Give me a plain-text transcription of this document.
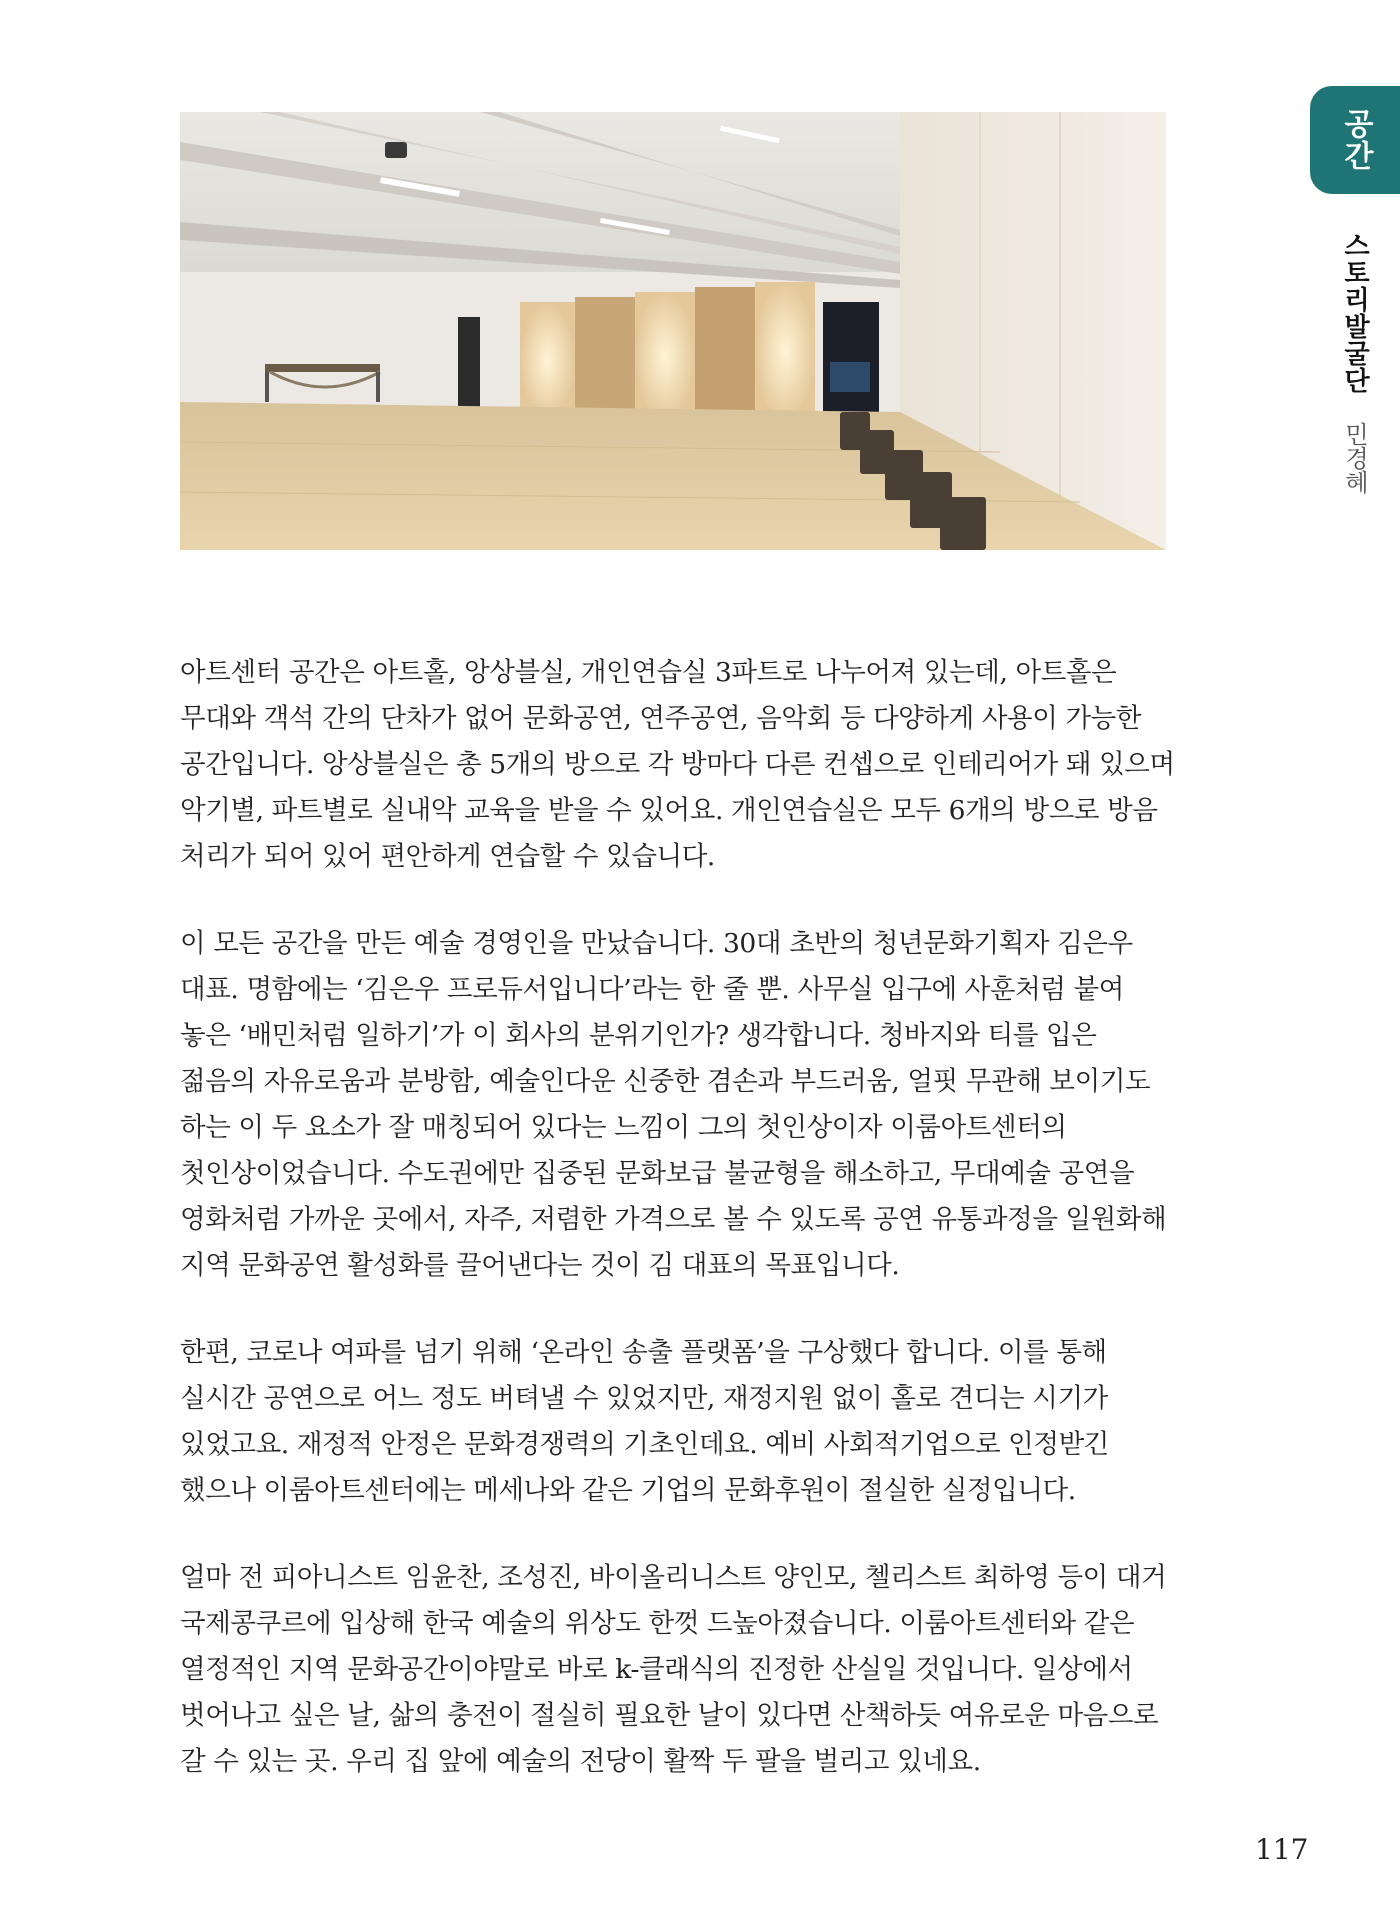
공간
스토리발굴단
민경혜

아트센터 공간은 아트홀, 앙상블실, 개인연습실 3파트로 나누어져 있는데, 아트홀은
무대와 객석 간의 단차가 없어 문화공연, 연주공연, 음악회 등 다양하게 사용이 가능한
공간입니다. 앙상블실은 총 5개의 방으로 각 방마다 다른 컨셉으로 인테리어가 돼 있으며
악기별, 파트별로 실내악 교육을 받을 수 있어요. 개인연습실은 모두 6개의 방으로 방음
처리가 되어 있어 편안하게 연습할 수 있습니다.

이 모든 공간을 만든 예술 경영인을 만났습니다. 30대 초반의 청년문화기획자 김은우
대표. 명함에는 ‘김은우 프로듀서입니다’라는 한 줄 뿐. 사무실 입구에 사훈처럼 붙여
놓은 ‘배민처럼 일하기’가 이 회사의 분위기인가? 생각합니다. 청바지와 티를 입은
젊음의 자유로움과 분방함, 예술인다운 신중한 겸손과 부드러움, 얼핏 무관해 보이기도
하는 이 두 요소가 잘 매칭되어 있다는 느낌이 그의 첫인상이자 이룸아트센터의
첫인상이었습니다. 수도권에만 집중된 문화보급 불균형을 해소하고, 무대예술 공연을
영화처럼 가까운 곳에서, 자주, 저렴한 가격으로 볼 수 있도록 공연 유통과정을 일원화해
지역 문화공연 활성화를 끌어낸다는 것이 김 대표의 목표입니다.

한편, 코로나 여파를 넘기 위해 ‘온라인 송출 플랫폼’을 구상했다 합니다. 이를 통해
실시간 공연으로 어느 정도 버텨낼 수 있었지만, 재정지원 없이 홀로 견디는 시기가
있었고요. 재정적 안정은 문화경쟁력의 기초인데요. 예비 사회적기업으로 인정받긴
했으나 이룸아트센터에는 메세나와 같은 기업의 문화후원이 절실한 실정입니다.

얼마 전 피아니스트 임윤찬, 조성진, 바이올리니스트 양인모, 첼리스트 최하영 등이 대거
국제콩쿠르에 입상해 한국 예술의 위상도 한껏 드높아졌습니다. 이룸아트센터와 같은
열정적인 지역 문화공간이야말로 바로 k-클래식의 진정한 산실일 것입니다. 일상에서
벗어나고 싶은 날, 삶의 충전이 절실히 필요한 날이 있다면 산책하듯 여유로운 마음으로
갈 수 있는 곳. 우리 집 앞에 예술의 전당이 활짝 두 팔을 벌리고 있네요.

117
